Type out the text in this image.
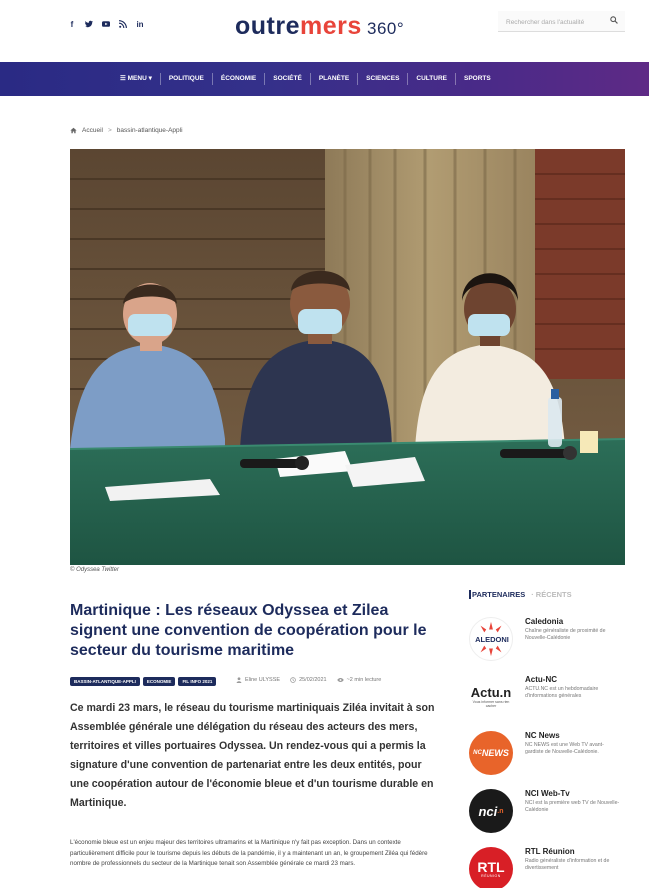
f	in	outremers 360°
Rechercher dans l'actualité
☰ MENU ▾	POLITIQUE	ÉCONOMIE	SOCIÉTÉ	PLANÈTE	SCIENCES	CULTURE	SPORTS
Accueil > bassin-atlantique-Appli
© Odyssea Twitter
Martinique : Les réseaux Odyssea et Zilea signent une convention de coopération pour le secteur du tourisme maritime
BASSIN-ATLANTIQUE-APPLI	ECONOMIE	FIL INFO 2021	Eline ULYSSE	25/02/2021	~2 min lecture

Ce mardi 23 mars, le réseau du tourisme martiniquais Ziléa invitait à son Assemblée générale une délégation du réseau des acteurs des mers, territoires et villes portuaires Odyssea. Un rendez-vous qui a permis la signature d'une convention de partenariat entre les deux entités, pour une coopération autour de l'économie bleue et d'un tourisme durable en Martinique.

L'économie bleue est un enjeu majeur des territoires ultramarins et la Martinique n'y fait pas exception. Dans un contexte particulièrement difficile pour le tourisme depuis les débuts de la pandémie, il y a maintenant un an, le groupement Ziléa qui fédère nombre de professionnels du secteur de la Martinique tenait son Assemblée générale ce mardi 23 mars.

PARTENAIRES · RÉCENTS
ALEDONI
Caledonia
Chaîne généraliste de proximité de Nouvelle-Calédonie
Actu.n
Vous informer sans rien cacher
Actu-NC
ACTU.NC est un hebdomadaire d'informations générales
NC NEWS
NC News
NC NEWS est une Web TV avant-gardiste de Nouvelle-Calédonie.
nci .n
NCI Web-Tv
NCI est la première web TV de Nouvelle-Calédonie
RTL
RÉUNION
RTL Réunion
Radio généraliste d'information et de divertissement
